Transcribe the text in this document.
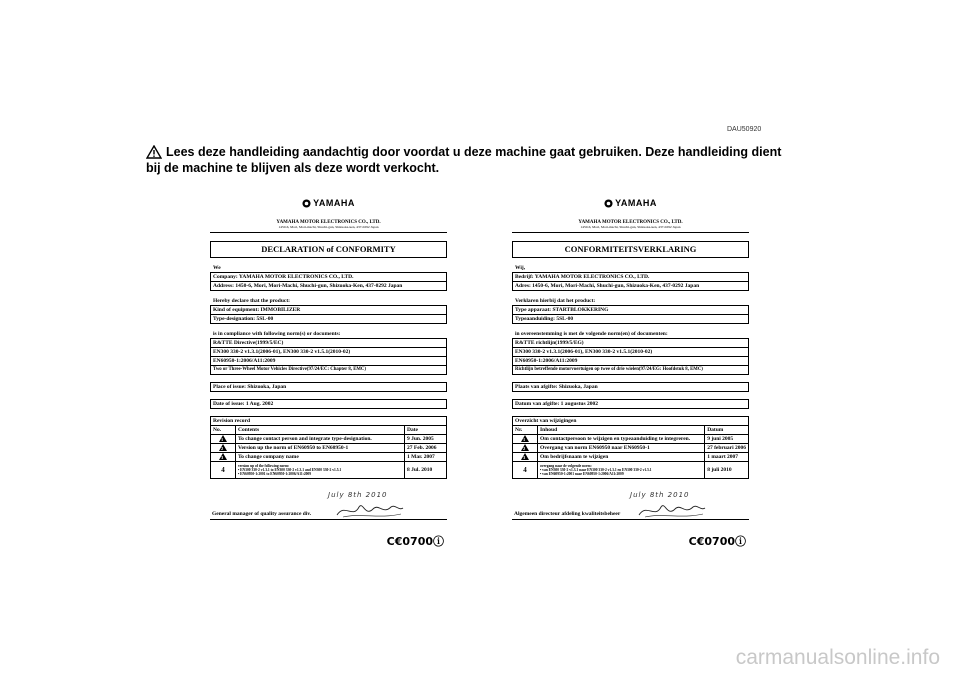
DAU50920
Lees deze handleiding aandachtig door voordat u deze machine gaat gebruiken. Deze handleiding dient bij de machine te blijven als deze wordt verkocht.
YAMAHA
YAMAHA MOTOR ELECTRONICS CO., LTD.
1450-6, Mori, Mori-machi, Shuchi-gun, Shizuoka-ken, 437-0292 Japan
DECLARATION of CONFORMITY
We
Company: YAMAHA MOTOR ELECTRONICS CO., LTD.
Address: 1450-6, Mori, Mori-Machi, Shuchi-gun, Shizuoka-Ken, 437-0292 Japan
Hereby declare that the product:
Kind of equipment: IMMOBILIZER
Type-designation: 5SL-00
is in compliance with following norm(s) or documents:
R&TTE Directive(1999/5/EC)
EN300 330-2 v1.3.1(2006-01), EN300 330-2 v1.5.1(2010-02)
EN60950-1:2006/A11:2009
Two or Three-Wheel Motor Vehicles Directive(97/24/EC: Chapter 8, EMC)
Place of issue: Shizuoka, Japan
Date of issue: 1 Aug. 2002
Revision record		
No.	Contents	Date

1	To change contact person and integrate type-designation.	9 Jun. 2005

2	Version up the norm of EN60950 to EN60950-1	27 Feb. 2006

3	To change company name	1 Mar. 2007
4	version up of the following norm:
• EN300 330-2 v1.3.1 to EN300 330-2 v1.3.1 and EN300 330-2 v1.5.1
• EN60950-1:2001 to EN60950-1:2006/A11:2009	8 Jul. 2010
July 8th 2010
General manager of quality assurance div.
C€0700ⓘ
YAMAHA
YAMAHA MOTOR ELECTRONICS CO., LTD.
1450-6, Mori, Mori-machi, Shuchi-gun, Shizuoka-ken, 437-0292 Japan
CONFORMITEITSVERKLARING
Wij,
Bedrijf: YAMAHA MOTOR ELECTRONICS CO., LTD.
Adres: 1450-6, Mori, Mori-Machi, Shuchi-gun, Shizuoka-Ken, 437-0292 Japan
Verklaren hierbij dat het product:
Type apparaat: STARTBLOKKERING
Typeaanduiding: 5SL-00
in overeenstemming is met de volgende norm(en) of documenten:
R&TTE richtlijn(1999/5/EG)
EN300 330-2 v1.3.1(2006-01), EN300 330-2 v1.5.1(2010-02)
EN60950-1:2006/A11:2009
Richtlijn betreffende motorvoertuigen op twee of drie wielen(97/24/EG: Hoofdstuk 8, EMC)
Plaats van afgifte: Shizuoka, Japan
Datum van afgifte: 1 augustus 2002
Overzicht van wijzigingen		
Nr.	Inhoud	Datum

1	Om contactpersoon te wijzigen en typeaanduiding te integreren.	9 juni 2005

2	Overgang van norm EN60950 naar EN60950-1	27 februari 2006

3	Om bedrijfsnaam te wijzigen	1 maart 2007
4	overgang naar de volgende norm:
• van EN300 330-2 v1.3.1 naar EN300 330-2 v1.3.1 en EN300 330-2 v1.5.1
• van EN60950-1:2001 naar EN60950-1:2006/A11:2009	8 juli 2010
July 8th 2010
Algemeen directeur afdeling kwaliteitsbeheer
C€0700ⓘ
carmanualsonline.info
